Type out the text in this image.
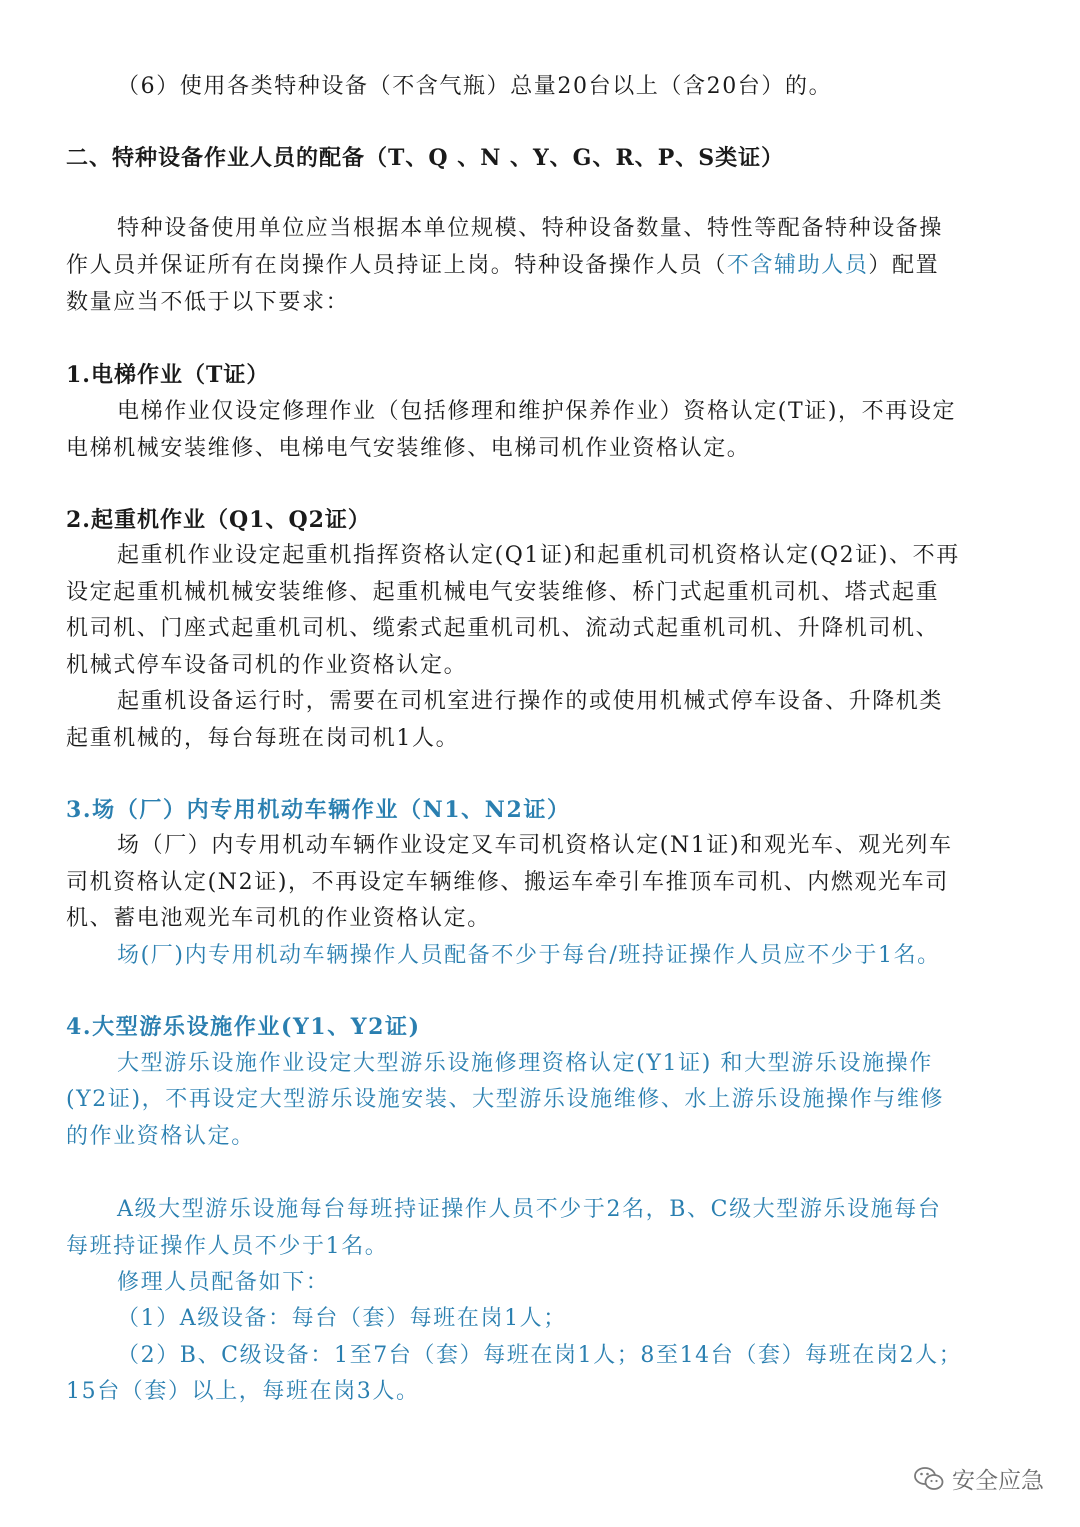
（6）使用各类特种设备（不含气瓶）总量20台以上（含20台）的。
二、特种设备作业人员的配备（T、Q 、N 、Y、G、R、P、S类证）
特种设备使用单位应当根据本单位规模、特种设备数量、特性等配备特种设备操
作人员并保证所有在岗操作人员持证上岗。特种设备操作人员（不含辅助人员）配置
数量应当不低于以下要求：
1.电梯作业（T证）
电梯作业仅设定修理作业（包括修理和维护保养作业）资格认定(T证)，不再设定
电梯机械安装维修、电梯电气安装维修、电梯司机作业资格认定。
2.起重机作业（Q1、Q2证）
起重机作业设定起重机指挥资格认定(Q1证)和起重机司机资格认定(Q2证)、不再
设定起重机械机械安装维修、起重机械电气安装维修、桥门式起重机司机、塔式起重
机司机、门座式起重机司机、缆索式起重机司机、流动式起重机司机、升降机司机、
机械式停车设备司机的作业资格认定。
起重机设备运行时，需要在司机室进行操作的或使用机械式停车设备、升降机类
起重机械的，每台每班在岗司机1人。
3.场（厂）内专用机动车辆作业（N1、N2证）
场（厂）内专用机动车辆作业设定叉车司机资格认定(N1证)和观光车、观光列车
司机资格认定(N2证)，不再设定车辆维修、搬运车牵引车推顶车司机、内燃观光车司
机、蓄电池观光车司机的作业资格认定。
场(厂)内专用机动车辆操作人员配备不少于每台/班持证操作人员应不少于1名。
4.大型游乐设施作业(Y1、Y2证)
大型游乐设施作业设定大型游乐设施修理资格认定(Y1证) 和大型游乐设施操作
(Y2证)，不再设定大型游乐设施安装、大型游乐设施维修、水上游乐设施操作与维修
的作业资格认定。
A级大型游乐设施每台每班持证操作人员不少于2名，B、C级大型游乐设施每台
每班持证操作人员不少于1名。
修理人员配备如下：
（1）A级设备：每台（套）每班在岗1人；
（2）B、C级设备：1至7台（套）每班在岗1人；8至14台（套）每班在岗2人；
15台（套）以上，每班在岗3人。
安全应急
